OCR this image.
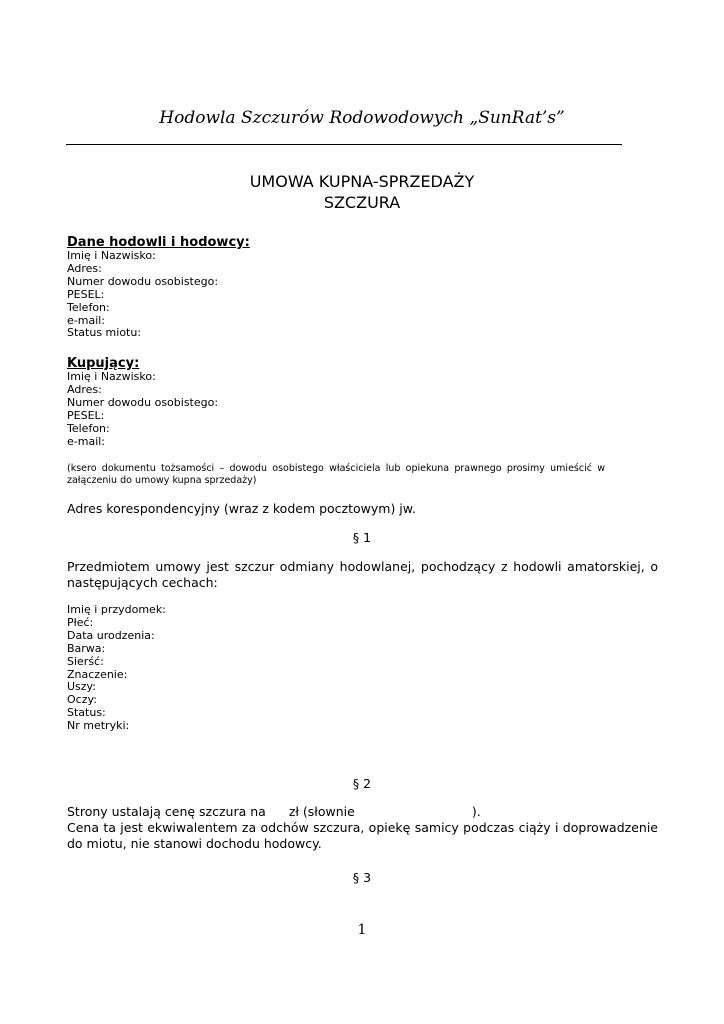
Hodowla Szczurów Rodowodowych „SunRat’s”
UMOWA KUPNA-SPRZEDAŻY
SZCZURA
Dane hodowli i hodowcy:
Imię i Nazwisko:
Adres:
Numer dowodu osobistego:
PESEL:
Telefon:
e-mail:
Status miotu:
Kupujący:
Imię i Nazwisko:
Adres:
Numer dowodu osobistego:
PESEL:
Telefon:
e-mail:
(ksero dokumentu tożsamości – dowodu osobistego właściciela lub opiekuna prawnego prosimy umieścić w załączeniu do umowy kupna sprzedaży)
Adres korespondencyjny (wraz z kodem pocztowym) jw.
§ 1
Przedmiotem umowy jest szczur odmiany hodowlanej, pochodzący z hodowli amatorskiej, o następujących cechach:
Imię i przydomek:
Płeć:
Data urodzenia:
Barwa:
Sierść:
Znaczenie:
Uszy:
Oczy:
Status:
Nr metryki:
§ 2
Strony ustalają cenę szczura na zł (słownie	).
Cena ta jest ekwiwalentem za odchów szczura, opiekę samicy podczas ciąży i doprowadzenie do miotu, nie stanowi dochodu hodowcy.
§ 3
1
